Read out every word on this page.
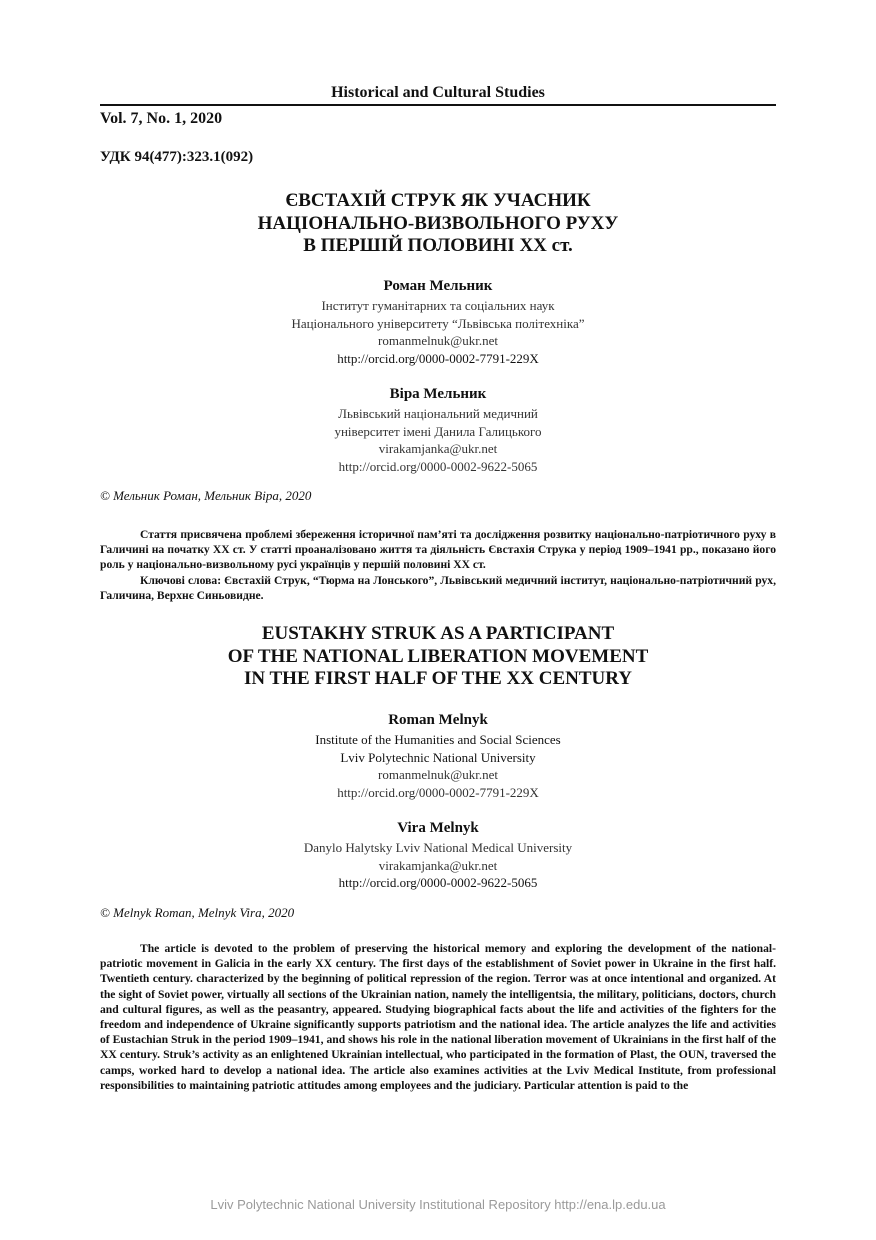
Historical and Cultural Studies
Vol. 7, No. 1, 2020
УДК 94(477):323.1(092)
ЄВСТАХІЙ СТРУК ЯК УЧАСНИК
НАЦІОНАЛЬНО-ВИЗВОЛЬНОГО РУХУ
В ПЕРШІЙ ПОЛОВИНІ XX ст.
Роман Мельник
Інститут гуманітарних та соціальних наук
Національного університету “Львівська політехніка”
romanmelnuk@ukr.net
http://orcid.org/0000-0002-7791-229X
Віра Мельник
Львівський національний медичний
університет імені Данила Галицького
virakamjanka@ukr.net
http://orcid.org/0000-0002-9622-5065
© Мельник Роман, Мельник Віра, 2020

Стаття присвячена проблемі збереження історичної пам’яті та дослідження розвитку національно-патріотичного руху в Галичині на початку XX ст. У статті проаналізовано життя та діяльність Євстахія Струка у період 1909–1941 рр., показано його роль у національно-визвольному русі українців у першій половині XX ст.

Ключові слова: Євстахій Струк, “Тюрма на Лонського”, Львівський медичний інститут, національно-патріотичний рух, Галичина, Верхнє Синьовидне.

EUSTAKHY STRUK AS A PARTICIPANT
OF THE NATIONAL LIBERATION MOVEMENT
IN THE FIRST HALF OF THE XX CENTURY
Roman Melnyk
Institute of the Humanities and Social Sciences
Lviv Polytechnic National University
romanmelnuk@ukr.net
http://orcid.org/0000-0002-7791-229X
Vira Melnyk
Danylo Halytsky Lviv National Medical University
virakamjanka@ukr.net
http://orcid.org/0000-0002-9622-5065
© Melnyk Roman, Melnyk Vira, 2020

The article is devoted to the problem of preserving the historical memory and exploring the development of the national-patriotic movement in Galicia in the early XX century. The first days of the establishment of Soviet power in Ukraine in the first half. Twentieth century. characterized by the beginning of political repression of the region. Terror was at once intentional and organized. At the sight of Soviet power, virtually all sections of the Ukrainian nation, namely the intelligentsia, the military, politicians, doctors, church and cultural figures, as well as the peasantry, appeared. Studying biographical facts about the life and activities of the fighters for the freedom and independence of Ukraine significantly supports patriotism and the national idea. The article analyzes the life and activities of Eustachian Struk in the period 1909–1941, and shows his role in the national liberation movement of Ukrainians in the first half of the XX century. Struk’s activity as an enlightened Ukrainian intellectual, who participated in the formation of Plast, the OUN, traversed the camps, worked hard to develop a national idea. The article also examines activities at the Lviv Medical Institute, from professional responsibilities to maintaining patriotic attitudes among employees and the judiciary. Particular attention is paid to the

Lviv Polytechnic National University Institutional Repository http://ena.lp.edu.ua
